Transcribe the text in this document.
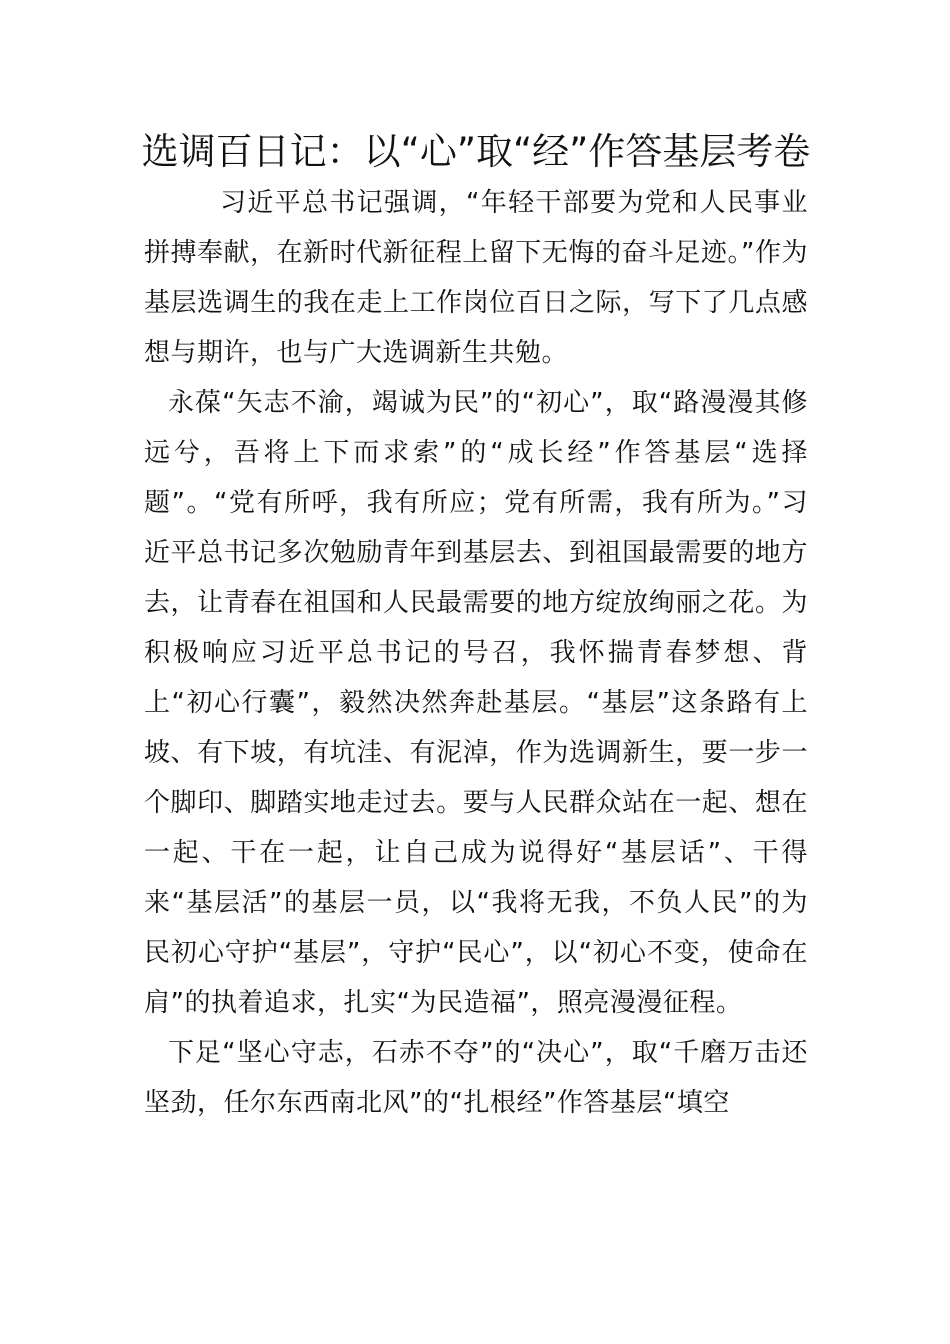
选调百日记：以“心”取“经”作答基层考卷

习近平总书记强调，“年轻干部要为党和人民事业拼搏奉献，在新时代新征程上留下无悔的奋斗足迹。”作为基层选调生的我在走上工作岗位百日之际，写下了几点感想与期许，也与广大选调新生共勉。

永葆“矢志不渝，竭诚为民”的“初心”，取“路漫漫其修远兮，吾将上下而求索”的“成长经”作答基层“选择题”。“党有所呼，我有所应；党有所需，我有所为。”习近平总书记多次勉励青年到基层去、到祖国最需要的地方去，让青春在祖国和人民最需要的地方绽放绚丽之花。为积极响应习近平总书记的号召，我怀揣青春梦想、背上“初心行囊”，毅然决然奔赴基层。“基层”这条路有上坡、有下坡，有坑洼、有泥淖，作为选调新生，要一步一个脚印、脚踏实地走过去。要与人民群众站在一起、想在一起、干在一起，让自己成为说得好“基层话”、干得来“基层活”的基层一员，以“我将无我，不负人民”的为民初心守护“基层”，守护“民心”，以“初心不变，使命在肩”的执着追求，扎实“为民造福”，照亮漫漫征程。

下足“坚心守志，石赤不夺”的“决心”，取“千磨万击还坚劲，任尔东西南北风”的“扎根经”作答基层“填空
